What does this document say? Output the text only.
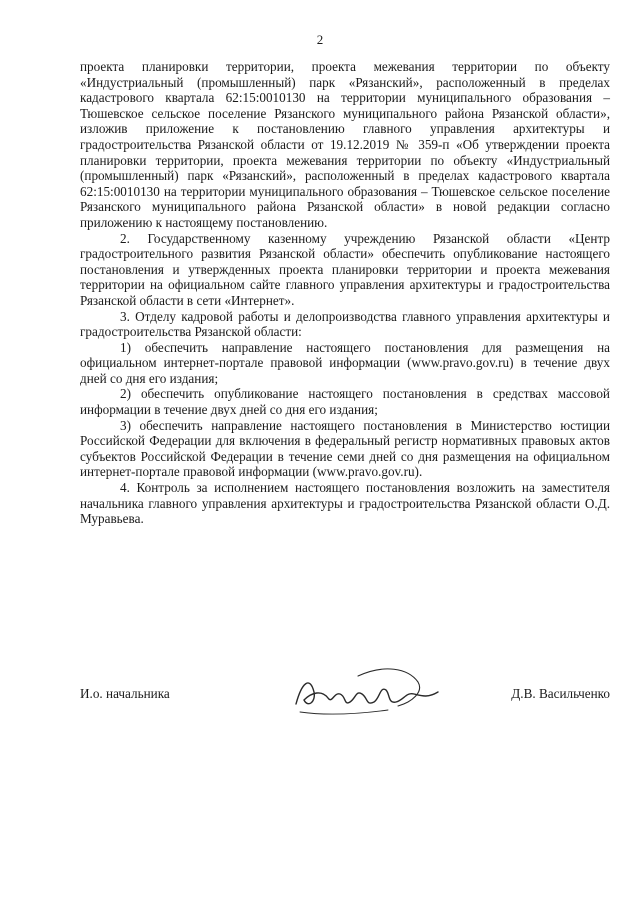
2

проекта планировки территории, проекта межевания территории по объекту «Индустриальный (промышленный) парк «Рязанский», расположенный в пределах кадастрового квартала 62:15:0010130 на территории муниципального образования – Тюшевское сельское поселение Рязанского муниципального района Рязанской области», изложив приложение к постановлению главного управления архитектуры и градостроительства Рязанской области от 19.12.2019 № 359-п «Об утверждении проекта планировки территории, проекта межевания территории по объекту «Индустриальный (промышленный) парк «Рязанский», расположенный в пределах кадастрового квартала 62:15:0010130 на территории муниципального образования – Тюшевское сельское поселение Рязанского муниципального района Рязанской области» в новой редакции согласно приложению к настоящему постановлению.

2. Государственному казенному учреждению Рязанской области «Центр градостроительного развития Рязанской области» обеспечить опубликование настоящего постановления и утвержденных проекта планировки территории и проекта межевания территории на официальном сайте главного управления архитектуры и градостроительства Рязанской области в сети «Интернет».

3. Отделу кадровой работы и делопроизводства главного управления архитектуры и градостроительства Рязанской области:

1) обеспечить направление настоящего постановления для размещения на официальном интернет-портале правовой информации (www.pravo.gov.ru) в течение двух дней со дня его издания;

2) обеспечить опубликование настоящего постановления в средствах массовой информации в течение двух дней со дня его издания;

3) обеспечить направление настоящего постановления в Министерство юстиции Российской Федерации для включения в федеральный регистр нормативных правовых актов субъектов Российской Федерации в течение семи дней со дня размещения на официальном интернет-портале правовой информации (www.pravo.gov.ru).

4. Контроль за исполнением настоящего постановления возложить на заместителя начальника главного управления архитектуры и градостроительства Рязанской области О.Д. Муравьева.

И.о. начальника	Д.В. Васильченко
